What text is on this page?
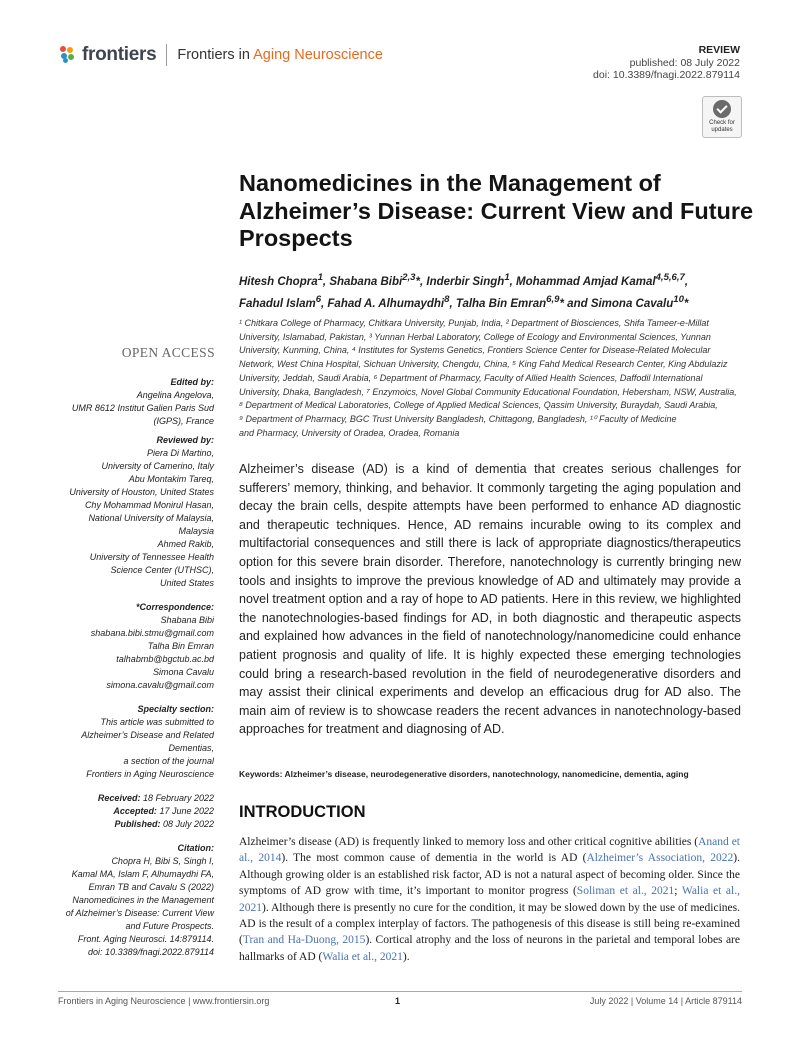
frontiers Frontiers in Aging Neuroscience	REVIEW
published: 08 July 2022
doi: 10.3389/fnagi.2022.879114
Check for
updates
Nanomedicines in the Management of Alzheimer’s Disease: Current View and Future Prospects
Hitesh Chopra$^1$, Shabana Bibi$^{2,3}$*, Inderbir Singh$^1$, Mohammad Amjad Kamal$^{4,5,6,7}$,
Fahadul Islam$^6$, Fahad A. Alhumaydhi$^8$, Talha Bin Emran$^{6,9}$* and Simona Cavalu$^{10}$*
¹ Chitkara College of Pharmacy, Chitkara University, Punjab, India, ² Department of Biosciences, Shifa Tameer-e-Millat
University, Islamabad, Pakistan, ³ Yunnan Herbal Laboratory, College of Ecology and Environmental Sciences, Yunnan
University, Kunming, China, ⁴ Institutes for Systems Genetics, Frontiers Science Center for Disease-Related Molecular
Network, West China Hospital, Sichuan University, Chengdu, China, ⁵ King Fahd Medical Research Center, King Abdulaziz
University, Jeddah, Saudi Arabia, ⁶ Department of Pharmacy, Faculty of Allied Health Sciences, Daffodil International
University, Dhaka, Bangladesh, ⁷ Enzymoics, Novel Global Community Educational Foundation, Hebersham, NSW, Australia,
⁸ Department of Medical Laboratories, College of Applied Medical Sciences, Qassim University, Buraydah, Saudi Arabia,
⁹ Department of Pharmacy, BGC Trust University Bangladesh, Chittagong, Bangladesh, ¹⁰ Faculty of Medicine
and Pharmacy, University of Oradea, Oradea, Romania
OPEN ACCESS
Edited by:
Angelina Angelova,
UMR 8612 Institut Galien Paris Sud
(IGPS), France
Reviewed by:
Piera Di Martino,
University of Camerino, Italy
Abu Montakim Tareq,
University of Houston, United States
Chy Mohammad Monirul Hasan,
National University of Malaysia,
Malaysia
Ahmed Rakib,
University of Tennessee Health
Science Center (UTHSC),
United States
*Correspondence:
Shabana Bibi
shabana.bibi.stmu@gmail.com
Talha Bin Emran
talhabmb@bgctub.ac.bd
Simona Cavalu
simona.cavalu@gmail.com
Specialty section:
This article was submitted to
Alzheimer’s Disease and Related
Dementias,
a section of the journal
Frontiers in Aging Neuroscience
Received: 18 February 2022
Accepted: 17 June 2022
Published: 08 July 2022
Citation:
Chopra H, Bibi S, Singh I,
Kamal MA, Islam F, Alhumaydhi FA,
Emran TB and Cavalu S (2022)
Nanomedicines in the Management
of Alzheimer’s Disease: Current View
and Future Prospects.
Front. Aging Neurosci. 14:879114.
doi: 10.3389/fnagi.2022.879114
Alzheimer’s disease (AD) is a kind of dementia that creates serious challenges for sufferers’ memory, thinking, and behavior. It commonly targeting the aging population and decay the brain cells, despite attempts have been performed to enhance AD diagnostic and therapeutic techniques. Hence, AD remains incurable owing to its complex and multifactorial consequences and still there is lack of appropriate diagnostics/therapeutics option for this severe brain disorder. Therefore, nanotechnology is currently bringing new tools and insights to improve the previous knowledge of AD and ultimately may provide a novel treatment option and a ray of hope to AD patients. Here in this review, we highlighted the nanotechnologies-based findings for AD, in both diagnostic and therapeutic aspects and explained how advances in the field of nanotechnology/nanomedicine could enhance patient prognosis and quality of life. It is highly expected these emerging technologies could bring a research-based revolution in the field of neurodegenerative disorders and may assist their clinical experiments and develop an efficacious drug for AD also. The main aim of review is to showcase readers the recent advances in nanotechnology-based approaches for treatment and diagnosing of AD.
Keywords: Alzheimer’s disease, neurodegenerative disorders, nanotechnology, nanomedicine, dementia, aging
INTRODUCTION
Alzheimer’s disease (AD) is frequently linked to memory loss and other critical cognitive abilities (Anand et al., 2014). The most common cause of dementia in the world is AD (Alzheimer’s Association, 2022). Although growing older is an established risk factor, AD is not a natural aspect of becoming older. Since the symptoms of AD grow with time, it’s important to monitor progress (Soliman et al., 2021; Walia et al., 2021). Although there is presently no cure for the condition, it may be slowed down by the use of medicines. AD is the result of a complex interplay of factors. The pathogenesis of this disease is still being re-examined (Tran and Ha-Duong, 2015). Cortical atrophy and the loss of neurons in the parietal and temporal lobes are hallmarks of AD (Walia et al., 2021).
Frontiers in Aging Neuroscience | www.frontiersin.org	1	July 2022 | Volume 14 | Article 879114
